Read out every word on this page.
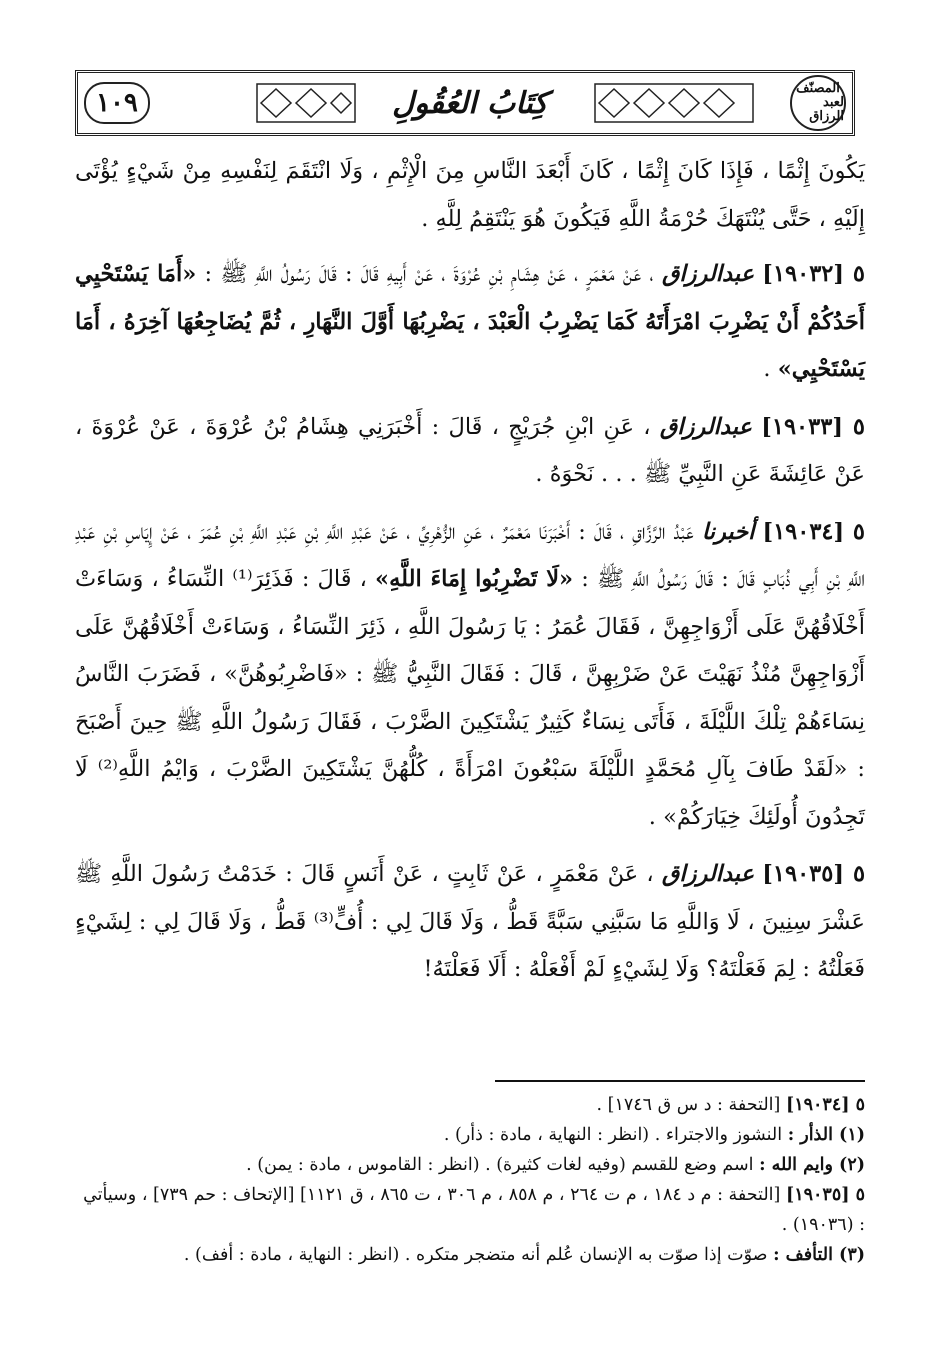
المصنّف
لعبد الرزاق
كِتَابُ العُقُولِ
١٠٩

يَكُونَ إِثْمًا ، فَإِذَا كَانَ إِثْمًا ، كَانَ أَبْعَدَ النَّاسِ مِنَ الْإِثْمِ ، وَلَا انْتَقَمَ لِنَفْسِهِ مِنْ شَيْءٍ يُؤْتَى إِلَيْهِ ، حَتَّى يُنْتَهَكَ حُرْمَةُ اللَّهِ فَيَكُونَ هُوَ يَنْتَقِمُ لِلَّهِ .

٥ [١٩٠٣٢] عبدالرزاق ، عَنْ مَعْمَرٍ ، عَنْ هِشَامِ بْنِ عُرْوَةَ ، عَنْ أَبِيهِ قَالَ : قَالَ رَسُولُ اللَّهِ ﷺ : «أَمَا يَسْتَحْيِي أَحَدُكُمْ أَنْ يَضْرِبَ امْرَأَتَهُ كَمَا يَضْرِبُ الْعَبْدَ ، يَضْرِبُهَا أَوَّلَ النَّهَارِ ، ثُمَّ يُضَاجِعُهَا آخِرَهُ ، أَمَا يَسْتَحْيِي» .

٥ [١٩٠٣٣] عبدالرزاق ، عَنِ ابْنِ جُرَيْجٍ ، قَالَ : أَخْبَرَنِي هِشَامُ بْنُ عُرْوَةَ ، عَنْ عُرْوَةَ ، عَنْ عَائِشَةَ عَنِ النَّبِيِّ ﷺ . . . نَحْوَهُ .

٥ [١٩٠٣٤] أخبرنا عَبْدُ الرَّزَّاقِ ، قَالَ : أَخْبَرَنَا مَعْمَرٌ ، عَنِ الزُّهْرِيِّ ، عَنْ عَبْدِ اللَّهِ بْنِ عَبْدِ اللَّهِ بْنِ عُمَرَ ، عَنْ إِيَاسِ بْنِ عَبْدِ اللَّهِ بْنِ أَبِي ذُبَابٍ قَالَ : قَالَ رَسُولُ اللَّهِ ﷺ : «لَا تَضْرِبُوا إِمَاءَ اللَّهِ» ، قَالَ : فَذَئِرَ⁽¹⁾ النِّسَاءُ ، وَسَاءَتْ أَخْلَاقُهُنَّ عَلَى أَزْوَاجِهِنَّ ، فَقَالَ عُمَرُ : يَا رَسُولَ اللَّهِ ، ذَئِرَ النِّسَاءُ ، وَسَاءَتْ أَخْلَاقُهُنَّ عَلَى أَزْوَاجِهِنَّ مُنْذُ نَهَيْتَ عَنْ ضَرْبِهِنَّ ، قَالَ : فَقَالَ النَّبِيُّ ﷺ : «فَاضْرِبُوهُنَّ» ، فَضَرَبَ النَّاسُ نِسَاءَهُمْ تِلْكَ اللَّيْلَةَ ، فَأَتَى نِسَاءٌ كَثِيرٌ يَشْتَكِينَ الضَّرْبَ ، فَقَالَ رَسُولُ اللَّهِ ﷺ حِينَ أَصْبَحَ : «لَقَدْ طَافَ بِآلِ مُحَمَّدٍ اللَّيْلَةَ سَبْعُونَ امْرَأَةً ، كُلُّهُنَّ يَشْتَكِينَ الضَّرْبَ ، وَايْمُ اللَّهِ⁽²⁾ لَا تَجِدُونَ أُولَئِكَ خِيَارَكُمْ» .

٥ [١٩٠٣٥] عبدالرزاق ، عَنْ مَعْمَرٍ ، عَنْ ثَابِتٍ ، عَنْ أَنَسٍ قَالَ : خَدَمْتُ رَسُولَ اللَّهِ ﷺ عَشْرَ سِنِينَ ، لَا وَاللَّهِ مَا سَبَّنِي سَبَّةً قَطُّ ، وَلَا قَالَ لِي : أُفٍّ⁽³⁾ قَطُّ ، وَلَا قَالَ لِي : لِشَيْءٍ فَعَلْتُهُ : لِمَ فَعَلْتَهُ؟ وَلَا لِشَيْءٍ لَمْ أَفْعَلْهُ : أَلَا فَعَلْتَهُ!

٥ [١٩٠٣٤] [التحفة : د س ق ١٧٤٦] .

(١) الذأر : النشوز والاجتراء . (انظر : النهاية ، مادة : ذأر) .

(٢) وايم الله : اسم وضع للقسم (وفيه لغات كثيرة) . (انظر : القاموس ، مادة : يمن) .

٥ [١٩٠٣٥] [التحفة : م د ١٨٤ ، م ت ٢٦٤ ، م ٨٥٨ ، م ٣٠٦ ، ت ٨٦٥ ، ق ١١٢١] [الإتحاف : حم ٧٣٩] ، وسيأتي : (١٩٠٣٦) .

(٣) التأفف : صوّت إذا صوّت به الإنسان عُلم أنه متضجر متكره . (انظر : النهاية ، مادة : أفف) .
